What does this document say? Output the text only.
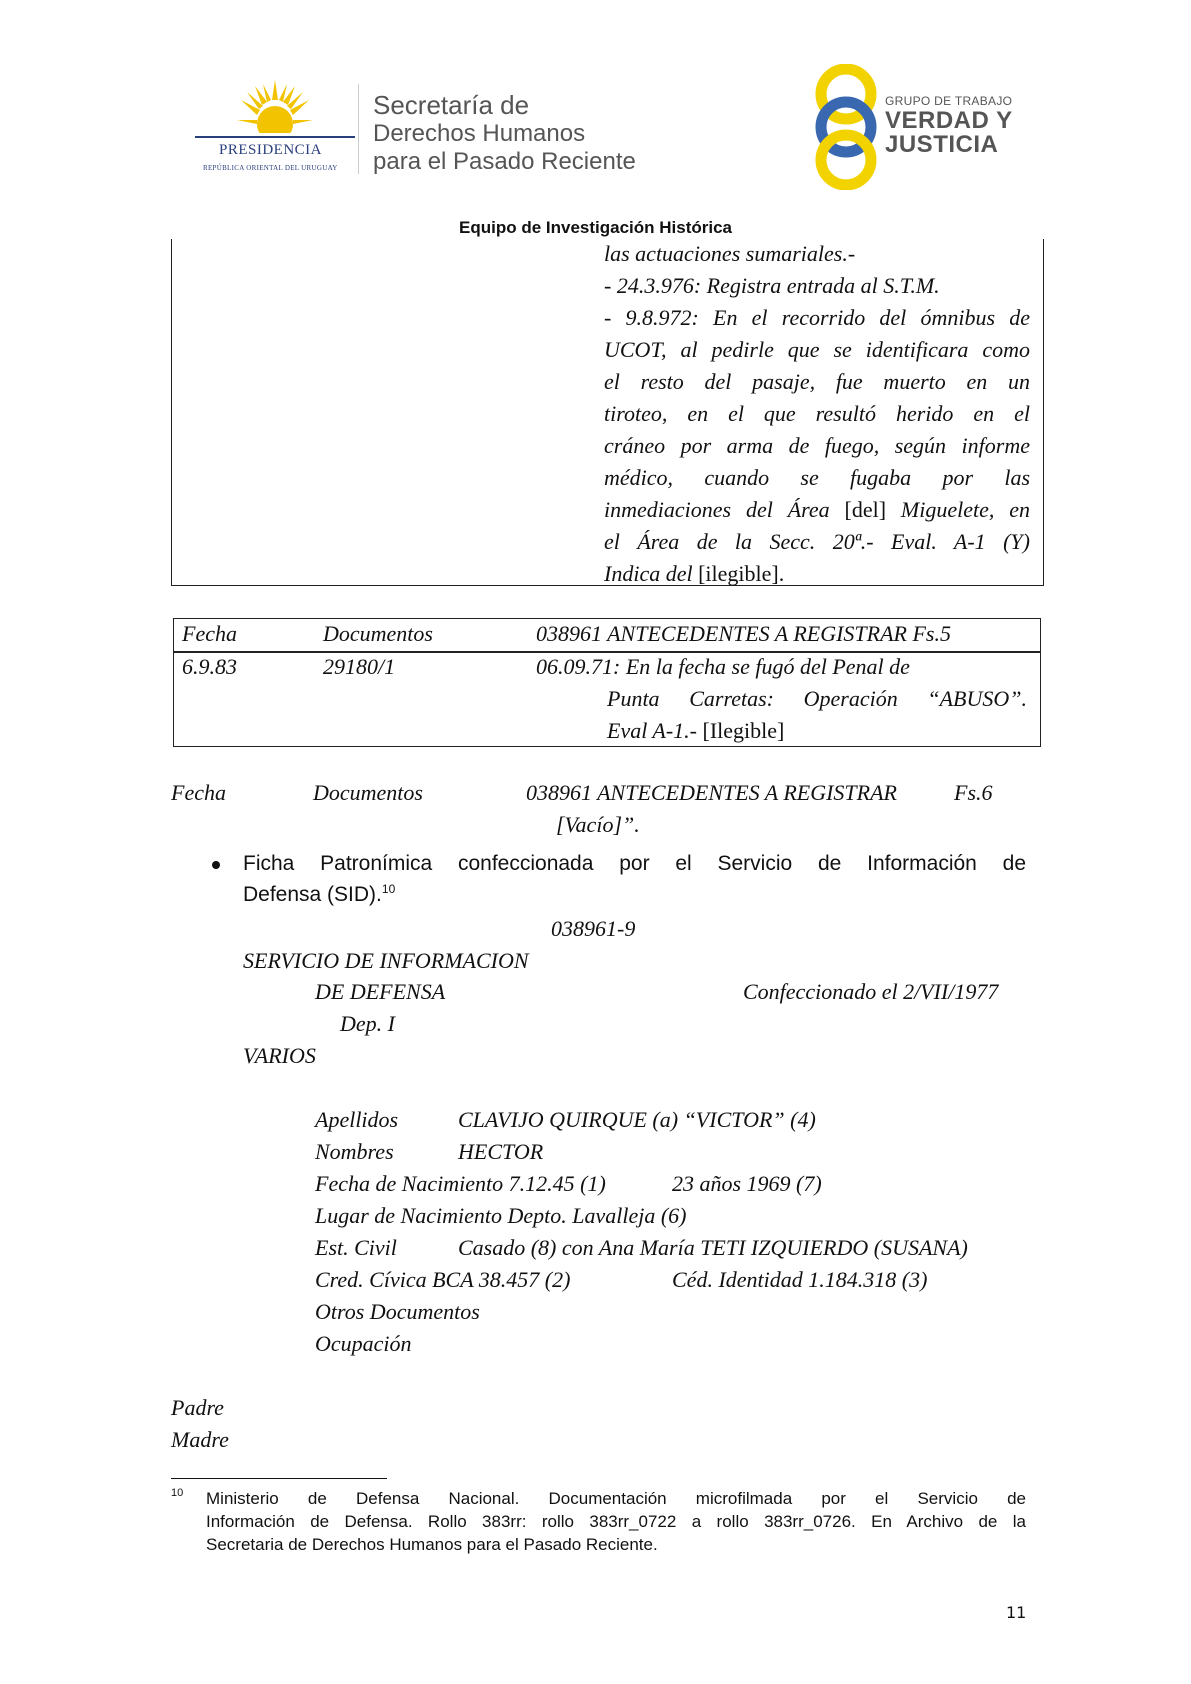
PRESIDENCIA
REPÚBLICA ORIENTAL DEL URUGUAY
Secretaría de
Derechos Humanos
para el Pasado Reciente
GRUPO DE TRABAJO
VERDAD Y
JUSTICIA
Equipo de Investigación Histórica
las actuaciones sumariales.-
- 24.3.976: Registra entrada al S.T.M.
- 9.8.972: En el recorrido del ómnibus de
UCOT, al pedirle que se identificara como
el resto del pasaje, fue muerto en un
tiroteo, en el que resultó herido en el
cráneo por arma de fuego, según informe
médico, cuando se fugaba por las
inmediaciones del Área [del] Miguelete, en
el Área de la Secc. 20ª.- Eval. A-1 (Y)
Indica del [ilegible].
Fecha	Documentos	038961 ANTECEDENTES A REGISTRAR Fs.5
6.9.83	29180/1	06.09.71: En la fecha se fugó del Penal de
Punta Carretas: Operación “ABUSO”.
Eval A-1.- [Ilegible]
Fecha	Documentos	038961 ANTECEDENTES A REGISTRAR	Fs.6
[Vacío]”.
Ficha Patronímica confeccionada por el Servicio de Información de
Defensa (SID).$^{10}$
038961-9
SERVICIO DE INFORMACION
DE DEFENSA	Confeccionado el 2/VII/1977
Dep. I
VARIOS
Apellidos	CLAVIJO QUIRQUE (a) “VICTOR” (4)
Nombres	HECTOR
Fecha de Nacimiento 7.12.45 (1)	23 años 1969 (7)
Lugar de Nacimiento Depto. Lavalleja (6)
Est. Civil	Casado (8) con Ana María TETI IZQUIERDO (SUSANA)
Cred. Cívica BCA 38.457 (2)	Céd. Identidad 1.184.318 (3)
Otros Documentos
Ocupación
Padre
Madre
10 Ministerio de Defensa Nacional. Documentación microfilmada por el Servicio de
Información de Defensa. Rollo 383rr: rollo 383rr_0722 a rollo 383rr_0726. En Archivo de la
Secretaria de Derechos Humanos para el Pasado Reciente.
11
